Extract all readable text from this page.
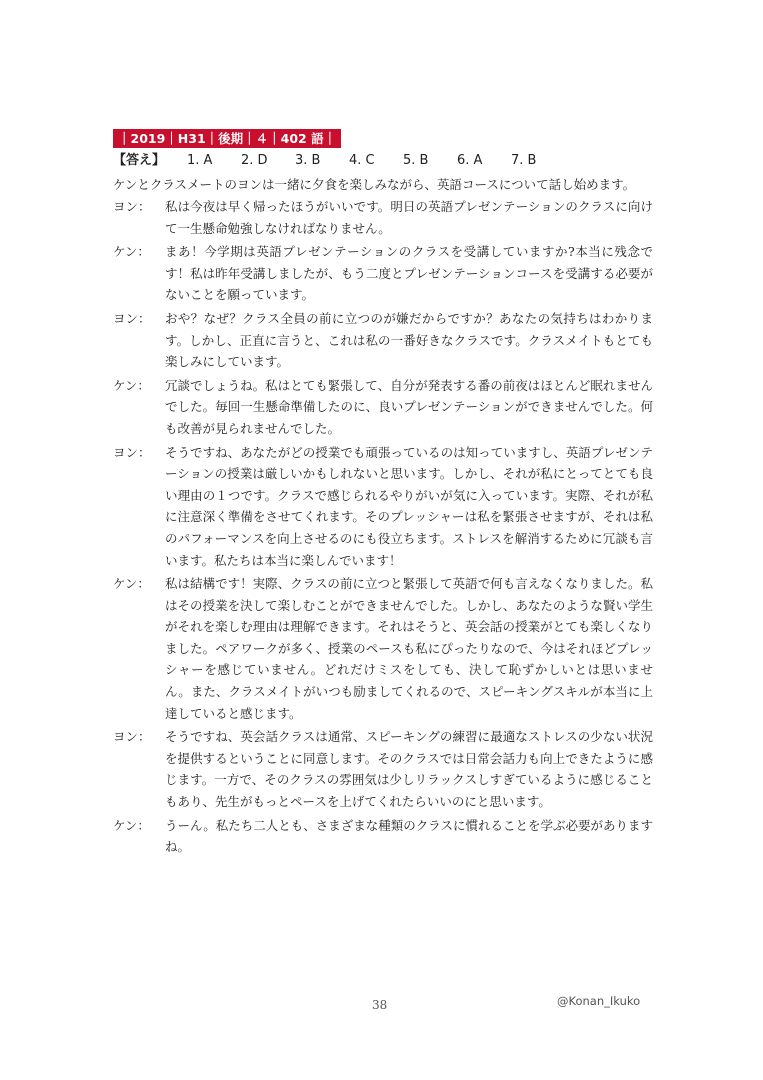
｜2019｜H31｜後期｜４｜402 語｜
【答え】 1. A 2. D 3. B 4. C 5. B 6. A 7. B
ケンとクラスメートのヨンは一緒に夕食を楽しみながら、英語コースについて話し始めます。
ヨン：	私は今夜は早く帰ったほうがいいです。明日の英語プレゼンテーションのクラスに向けて一生懸命勉強しなければなりません。
ケン：	まあ！今学期は英語プレゼンテーションのクラスを受講していますか?本当に残念です！私は昨年受講しましたが、もう二度とプレゼンテーションコースを受講する必要がないことを願っています。
ヨン：	おや？なぜ？クラス全員の前に立つのが嫌だからですか？あなたの気持ちはわかります。しかし、正直に言うと、これは私の一番好きなクラスです。クラスメイトもとても楽しみにしています。
ケン：	冗談でしょうね。私はとても緊張して、自分が発表する番の前夜はほとんど眠れませんでした。毎回一生懸命準備したのに、良いプレゼンテーションができませんでした。何も改善が見られませんでした。
ヨン：	そうですね、あなたがどの授業でも頑張っているのは知っていますし、英語プレゼンテーションの授業は厳しいかもしれないと思います。しかし、それが私にとってとても良い理由の１つです。クラスで感じられるやりがいが気に入っています。実際、それが私に注意深く準備をさせてくれます。そのプレッシャーは私を緊張させますが、それは私のパフォーマンスを向上させるのにも役立ちます。ストレスを解消するために冗談も言います。私たちは本当に楽しんでいます！
ケン：	私は結構です！実際、クラスの前に立つと緊張して英語で何も言えなくなりました。私はその授業を決して楽しむことができませんでした。しかし、あなたのような賢い学生がそれを楽しむ理由は理解できます。それはそうと、英会話の授業がとても楽しくなりました。ペアワークが多く、授業のペースも私にぴったりなので、今はそれほどプレッシャーを感じていません。どれだけミスをしても、決して恥ずかしいとは思いません。また、クラスメイトがいつも励ましてくれるので、スピーキングスキルが本当に上達していると感じます。
ヨン：	そうですね、英会話クラスは通常、スピーキングの練習に最適なストレスの少ない状況を提供するということに同意します。そのクラスでは日常会話力も向上できたように感じます。一方で、そのクラスの雰囲気は少しリラックスしすぎているように感じることもあり、先生がもっとペースを上げてくれたらいいのにと思います。
ケン：	うーん。私たち二人とも、さまざまな種類のクラスに慣れることを学ぶ必要がありますね。
38	@Konan_Ikuko
